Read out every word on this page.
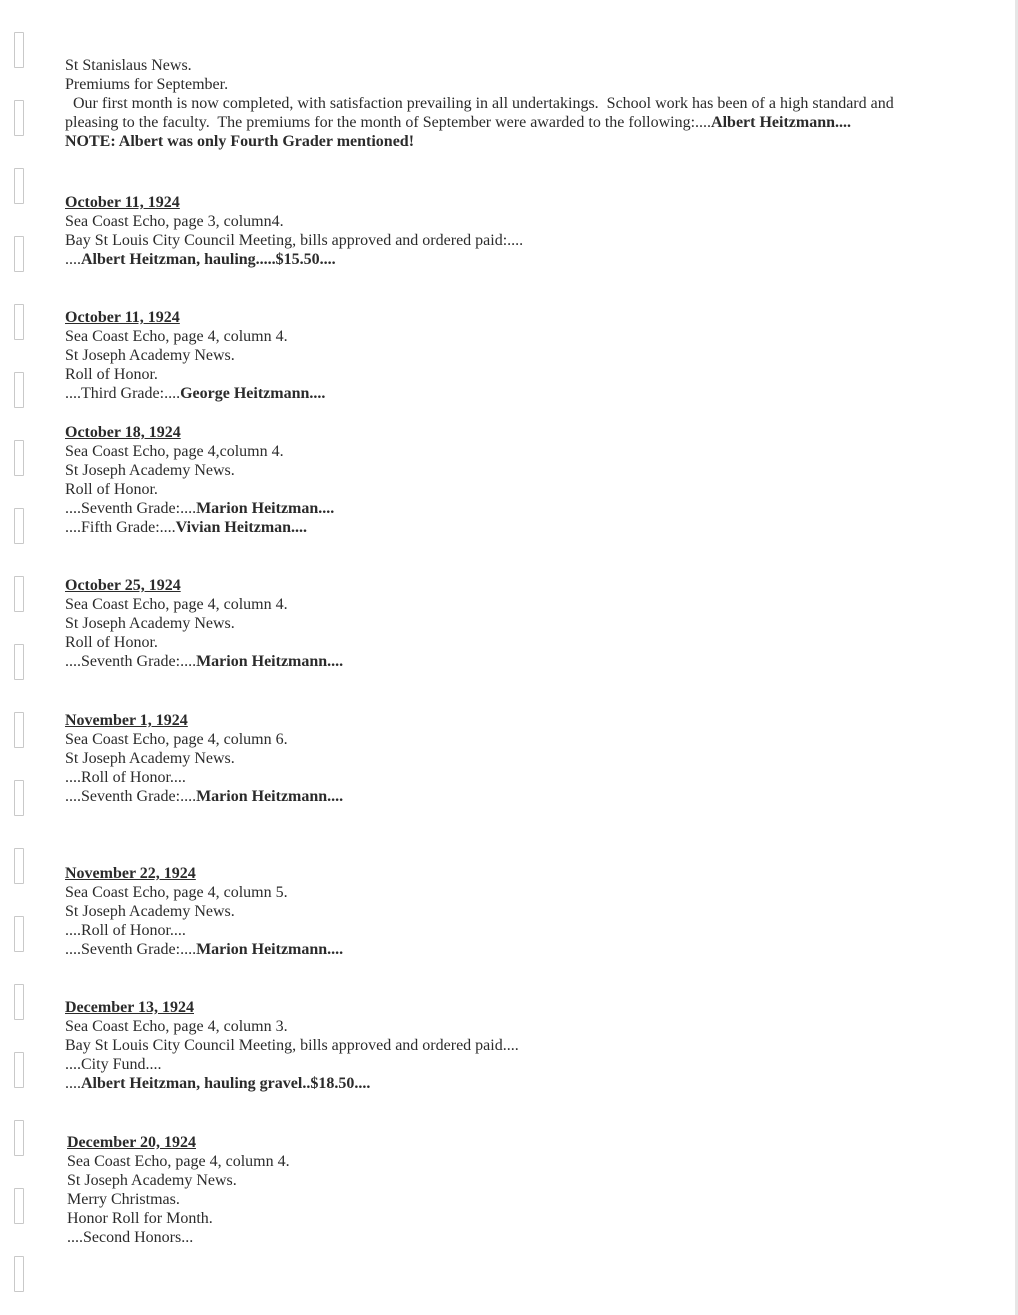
St Stanislaus News.
Premiums for September.
Our first month is now completed, with satisfaction prevailing in all undertakings.  School work has been of a high standard and pleasing to the faculty.  The premiums for the month of September were awarded to the following:....Albert Heitzmann....
NOTE: Albert was only Fourth Grader mentioned!
October 11, 1924
Sea Coast Echo, page 3, column4.
Bay St Louis City Council Meeting, bills approved and ordered paid:....
....Albert Heitzman, hauling.....$15.50....
October 11, 1924
Sea Coast Echo, page 4, column 4.
St Joseph Academy News.
Roll of Honor.
....Third Grade:....George Heitzmann....
October 18, 1924
Sea Coast Echo, page 4,column 4.
St Joseph Academy News.
Roll of Honor.
....Seventh Grade:....Marion Heitzman....
....Fifth Grade:....Vivian Heitzman....
October 25, 1924
Sea Coast Echo, page 4, column 4.
St Joseph Academy News.
Roll of Honor.
....Seventh Grade:....Marion Heitzmann....
November 1, 1924
Sea Coast Echo, page 4, column 6.
St Joseph Academy News.
....Roll of Honor....
....Seventh Grade:....Marion Heitzmann....
November 22, 1924
Sea Coast Echo, page 4, column 5.
St Joseph Academy News.
....Roll of Honor....
....Seventh Grade:....Marion Heitzmann....
December 13, 1924
Sea Coast Echo, page 4, column 3.
Bay St Louis City Council Meeting, bills approved and ordered paid....
....City Fund....
....Albert Heitzman, hauling gravel..$18.50....
December 20, 1924
Sea Coast Echo, page 4, column 4.
St Joseph Academy News.
Merry Christmas.
Honor Roll for Month.
....Second Honors...
